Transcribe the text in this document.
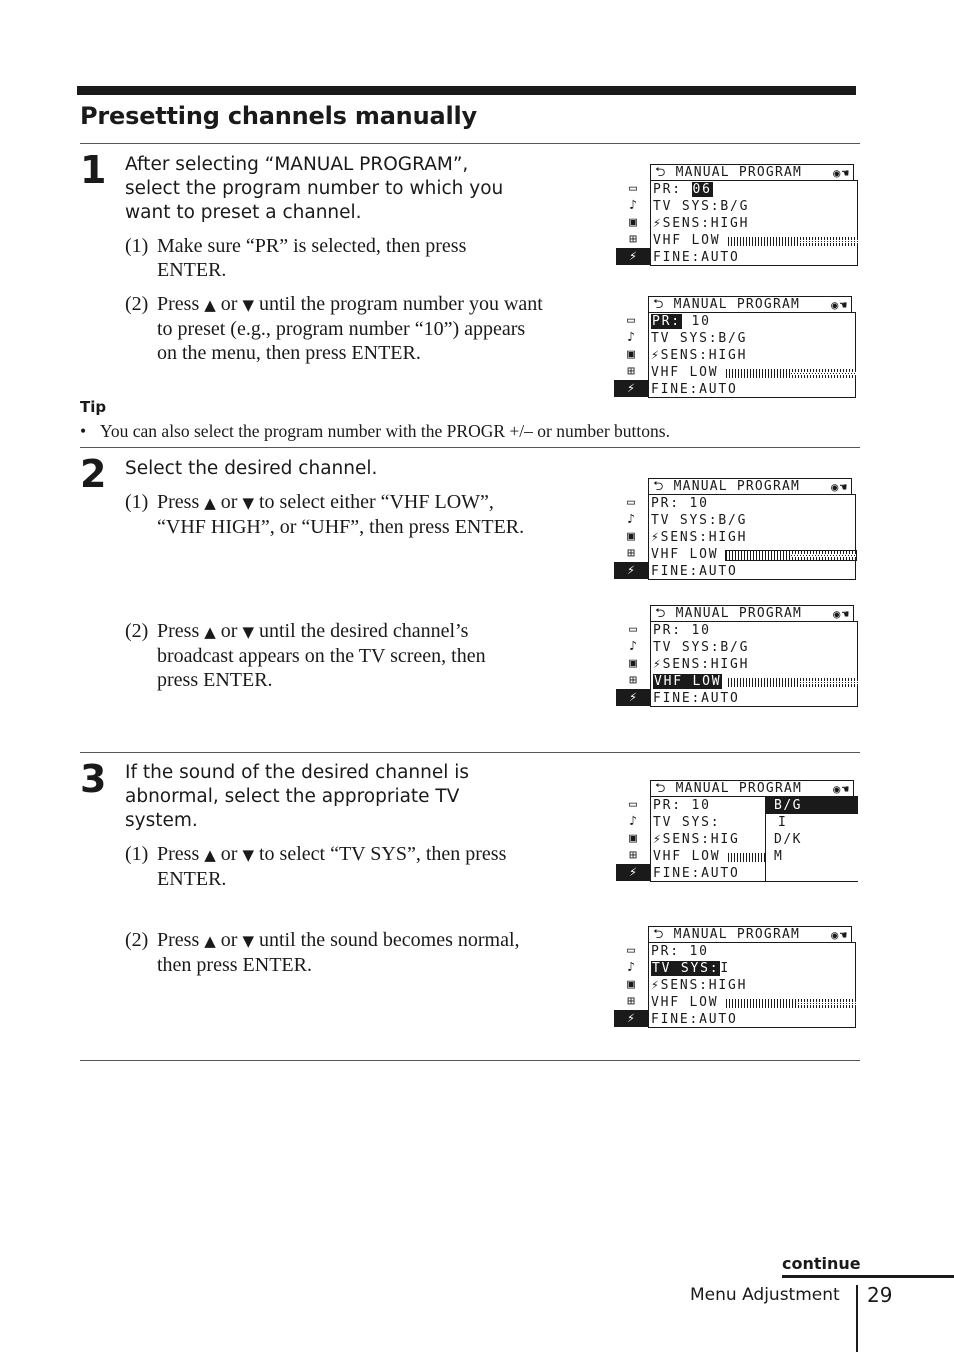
Presetting channels manually
1 After selecting “MANUAL PROGRAM”, select the program number to which you want to preset a channel.
(1) Make sure “PR” is selected, then press ENTER.
(2) Press ▲ or ▼ until the program number you want to preset (e.g., program number “10”) appears on the menu, then press ENTER.
⮌ MANUAL PROGRAM	◉☚
▭
♪
▣
⊞
⚡
PR: 06
TV SYS:B/G
⚡SENS:HIGH
VHF LOW
FINE:AUTO
⮌ MANUAL PROGRAM	◉☚
▭
♪
▣
⊞
⚡
PR: 10
TV SYS:B/G
⚡SENS:HIGH
VHF LOW
FINE:AUTO
Tip
• You can also select the program number with the PROGR +/– or number buttons.
2 Select the desired channel.
(1) Press ▲ or ▼ to select either “VHF LOW”, “VHF HIGH”, or “UHF”, then press ENTER.
(2) Press ▲ or ▼ until the desired channel’s broadcast appears on the TV screen, then press ENTER.
⮌ MANUAL PROGRAM	◉☚
▭
♪
▣
⊞
⚡
PR: 10
TV SYS:B/G
⚡SENS:HIGH
VHF LOW
FINE:AUTO
⮌ MANUAL PROGRAM	◉☚
▭
♪
▣
⊞
⚡
PR: 10
TV SYS:B/G
⚡SENS:HIGH
VHF LOW
FINE:AUTO
3 If the sound of the desired channel is abnormal, select the appropriate TV system.
(1) Press ▲ or ▼ to select “TV SYS”, then press ENTER.
(2) Press ▲ or ▼ until the sound becomes normal, then press ENTER.
⮌ MANUAL PROGRAM	◉☚
▭
♪
▣
⊞
⚡
PR: 10
TV SYS:
⚡SENS:HIG
VHF LOW
FINE:AUTO
B/G
I
D/K
M
⮌ MANUAL PROGRAM	◉☚
▭
♪
▣
⊞
⚡
PR: 10
TV SYS:I
⚡SENS:HIGH
VHF LOW
FINE:AUTO
continue
Menu Adjustment 29
